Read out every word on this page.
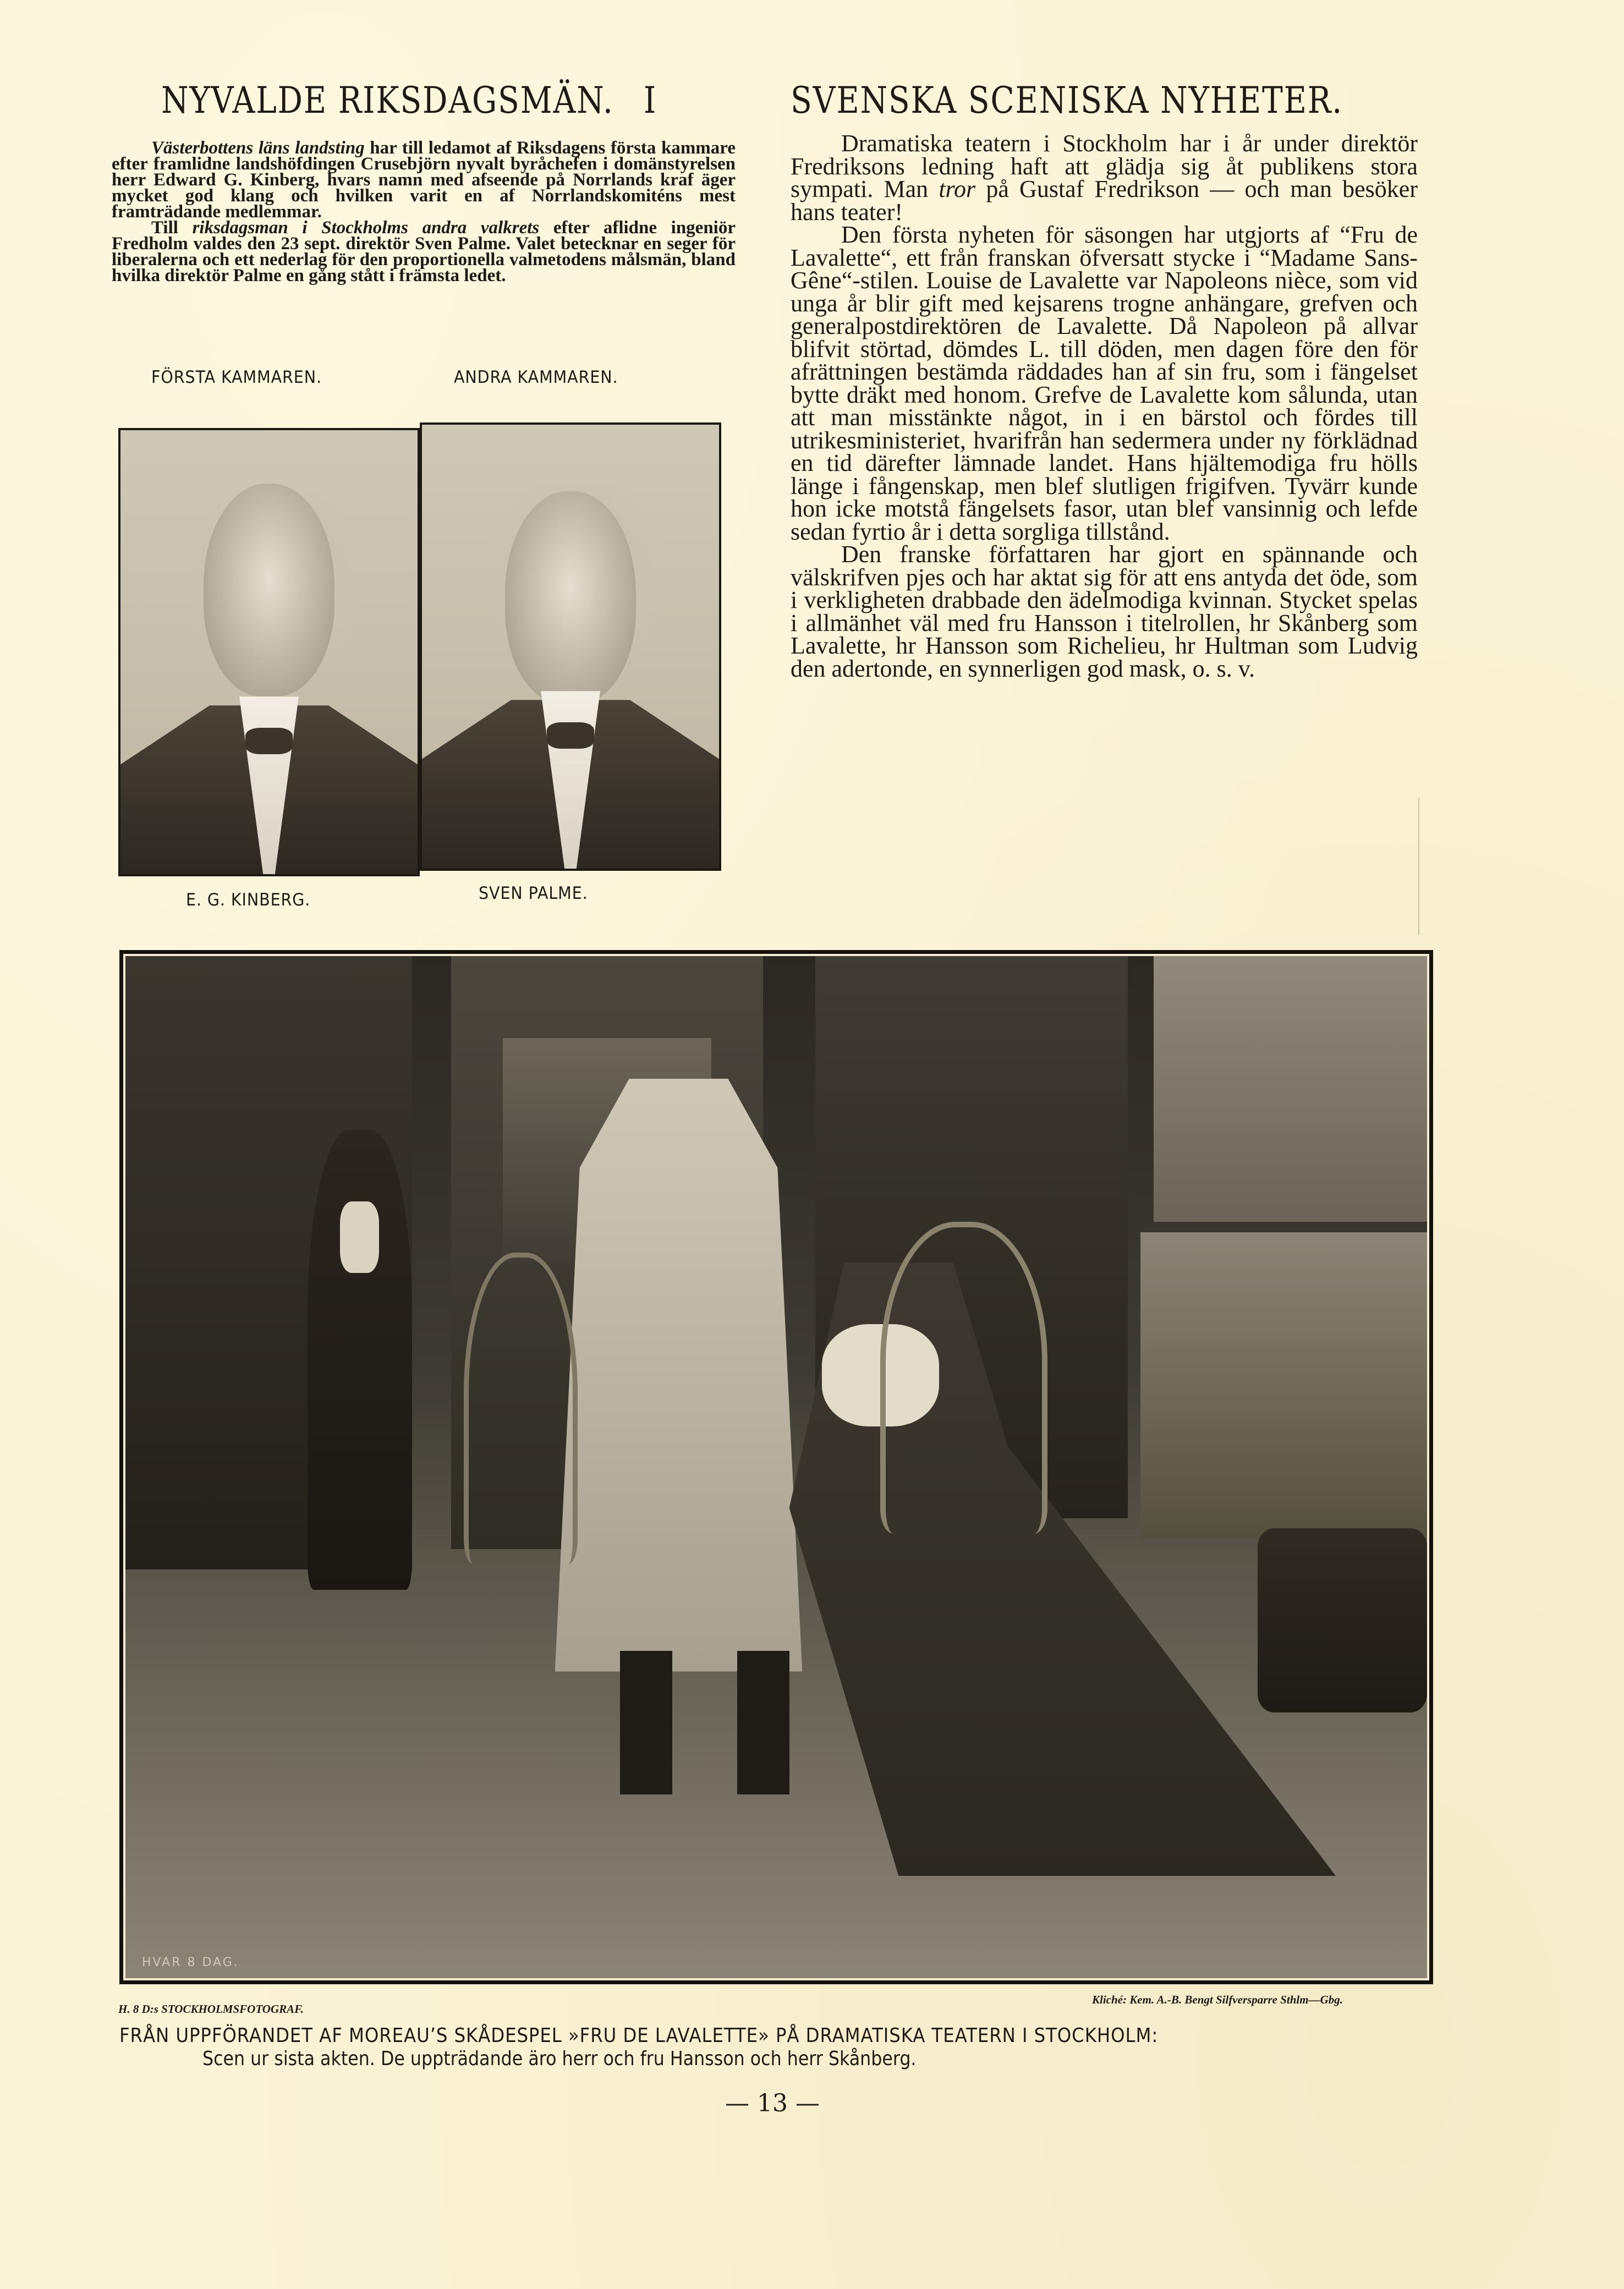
NYVALDE RIKSDAGSMÄN. I

Västerbottens läns landsting har till ledamot af Riksdagens första kammare efter framlidne landshöfdingen Crusebjörn nyvalt byråchefen i domänstyrelsen herr Edward G. Kinberg, hvars namn med afseende på Norrlands kraf äger mycket god klang och hvilken varit en af Norrlandskomiténs mest framträdande medlemmar.

Till riksdagsman i Stockholms andra valkrets efter aflidne ingeniör Fredholm valdes den 23 sept. direktör Sven Palme. Valet betecknar en seger för liberalerna och ett nederlag för den proportionella valmetodens målsmän, bland hvilka direktör Palme en gång stått i främsta ledet.

FÖRSTA KAMMAREN.	ANDRA KAMMAREN.
E. G. KINBERG.	SVEN PALME.
SVENSKA SCENISKA NYHETER.

Dramatiska teatern i Stockholm har i år under direktör Fredriksons ledning haft att glädja sig åt publikens stora sympati. Man tror på Gustaf Fredrikson — och man besöker hans teater!

Den första nyheten för säsongen har utgjorts af “Fru de Lavalette“, ett från franskan öfversatt stycke i “Madame Sans-Gêne“-stilen. Louise de Lavalette var Napoleons nièce, som vid unga år blir gift med kejsarens trogne anhängare, grefven och generalpostdirektören de Lavalette. Då Napoleon på allvar blifvit störtad, dömdes L. till döden, men dagen före den för afrättningen bestämda räddades han af sin fru, som i fängelset bytte dräkt med honom. Grefve de Lavalette kom sålunda, utan att man misstänkte något, in i en bärstol och fördes till utrikesministeriet, hvarifrån han sedermera under ny förklädnad en tid därefter lämnade landet. Hans hjältemodiga fru hölls länge i fångenskap, men blef slutligen frigifven. Tyvärr kunde hon icke motstå fängelsets fasor, utan blef vansinnig och lefde sedan fyrtio år i detta sorgliga tillstånd.

Den franske författaren har gjort en spännande och välskrifven pjes och har aktat sig för att ens antyda det öde, som i verkligheten drabbade den ädelmodiga kvinnan. Stycket spelas i allmänhet väl med fru Hansson i titelrollen, hr Skånberg som Lavalette, hr Hansson som Richelieu, hr Hultman som Ludvig den adertonde, en synnerligen god mask, o. s. v.

HVAR 8 DAG.
H. 8 D:s STOCKHOLMSFOTOGRAF.
Kliché: Kem. A.-B. Bengt Silfversparre Sthlm—Gbg.
FRÅN UPPFÖRANDET AF MOREAU’S SKÅDESPEL »FRU DE LAVALETTE» PÅ DRAMATISKA TEATERN I STOCKHOLM:
Scen ur sista akten. De uppträdande äro herr och fru Hansson och herr Skånberg.
— 13 —
